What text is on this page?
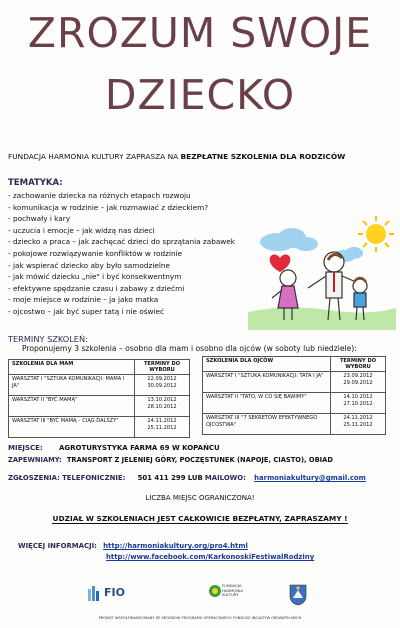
ZROZUM SWOJE
DZIECKO
FUNDACJA HARMONIA KULTURY ZAPRASZA NA BEZPŁATNE SZKOLENIA DLA RODZICÓW
TEMATYKA:
- zachowanie dziecka na różnych etapach rozwoju
- komunikacja w rodzinie – jak rozmawiać z dzieckiem?
- pochwały i kary
- uczucia i emocje – jak widzą nas dzieci
- dziecko a praca – jak zachęcać dzieci do sprzątania zabawek
- pokojowe rozwiązywanie konfliktów w rodzinie
- jak wspierać dziecko aby było samodzielne
- jak mówić dziecku „nie" i być konsekwentnym
- efektywne spędzanie czasu i zabawy z dziećmi
- moje miejsce w rodzinie – ja jako matka
- ojcostwo – jak być super tatą i nie oświeć
TERMINY SZKOLEŃ:
Proponujemy 3 szkolenia – osobno dla mam i osobno dla ojców (w soboty lub niedziele):
SZKOLENIA DLA MAM	TERMINY DO WYBORU
WARSZTAT I "SZTUKA KOMUNIKACJI: MAMA I JA"	22.09.2012
30.09.2012

WARSZTAT II "BYĆ MAMĄ"	13.10.2012
28.10.2012

WARSZTAT III "BYĆ MAMĄ – CIĄG DALSZY"	24.11.2012
25.11.2012
SZKOLENIA DLA OJCÓW	TERMINY DO WYBORU
WARSZTAT I "SZTUKA KOMUNIKACJI: TATA I JA"	23.09.2012
29.09.2012

WARSZTAT II "TATO, W CO SIĘ BAWIMY"	14.10.2012
27.10.2012

WARSZTAT III "7 SEKRETÓW EFEKTYWNEGO OJCOSTWA"	24.11.2012
25.11.2012
MIEJSCE: AGROTURYSTYKA FARMA 69 W KOPAŃCU
ZAPEWNIAMY: TRANSPORT Z JELENIEJ GÓRY, POCZĘSTUNEK (NAPOJE, CIASTO), OBIAD
ZGŁOSZENIA: TELEFONICZNIE: 501 411 299 LUB MAILOWO: harmoniakultury@gmail.com
LICZBA MIEJSC OGRANICZONA!
UDZIAŁ W SZKOLENIACH JEST CAŁKOWICIE BEZPŁATNY, ZAPRASZAMY !
WIĘCEJ INFORMACJI: http://harmoniakultury.org/pro4.html
http://www.facebook.com/KarkonoskiFestiwalRodziny
FIO
FUNDACJA HARMONIA KULTURY
PROJEKT WSPÓŁFINANSOWANY ZE ŚRODKÓW PROGRAMU OPERACYJNEGO FUNDUSZ INICJATYW OBYWATELSKICH
